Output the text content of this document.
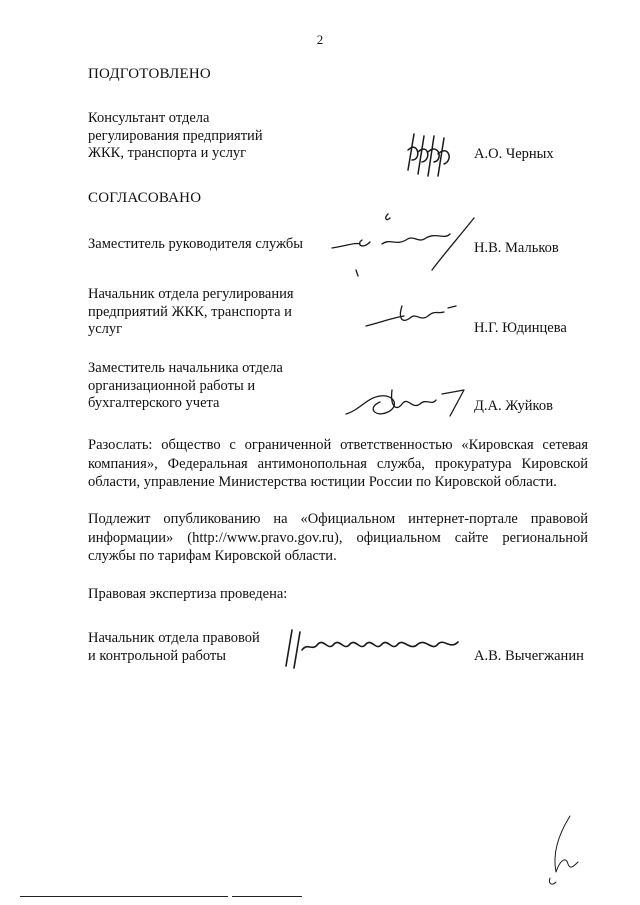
2
ПОДГОТОВЛЕНО
Консультант отдела
регулирования предприятий
ЖКК, транспорта и услуг	А.О. Черных
СОГЛАСОВАНО
Заместитель руководителя службы	Н.В. Мальков
Начальник отдела регулирования
предприятий ЖКК, транспорта и
услуг	Н.Г. Юдинцева
Заместитель начальника отдела
организационной работы и
бухгалтерского учета	Д.А. Жуйков
Разослать: общество с ограниченной ответственностью «Кировская сетевая компания», Федеральная антимонопольная служба, прокуратура Кировской области, управление Министерства юстиции России по Кировской области.
Подлежит опубликованию на «Официальном интернет-портале правовой информации» (http://www.pravo.gov.ru), официальном сайте региональной службы по тарифам Кировской области.
Правовая экспертиза проведена:
Начальник отдела правовой
и контрольной работы	А.В. Вычегжанин
